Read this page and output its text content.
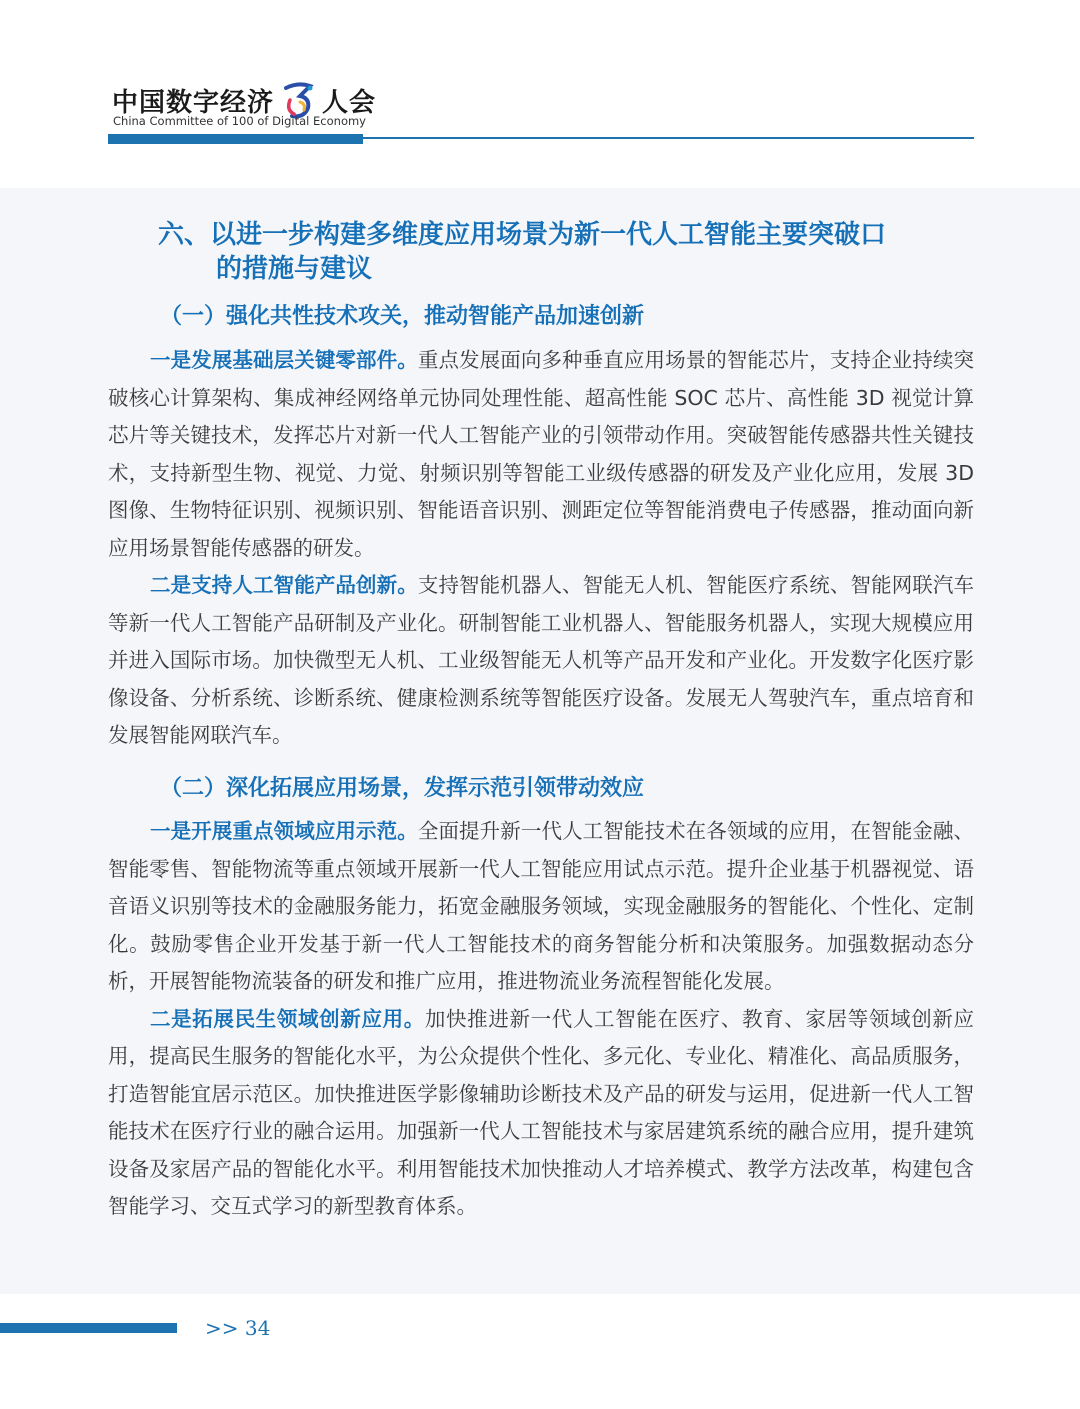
中国数字经济 人会
China Committee of 100 of Digital Economy
六、以进一步构建多维度应用场景为新一代人工智能主要突破口
的措施与建议
（一）强化共性技术攻关，推动智能产品加速创新

一是发展基础层关键零部件。重点发展面向多种垂直应用场景的智能芯片，支持企业持续突破核心计算架构、集成神经网络单元协同处理性能、超高性能 SOC 芯片、高性能 3D 视觉计算芯片等关键技术，发挥芯片对新一代人工智能产业的引领带动作用。突破智能传感器共性关键技术，支持新型生物、视觉、力觉、射频识别等智能工业级传感器的研发及产业化应用，发展 3D 图像、生物特征识别、视频识别、智能语音识别、测距定位等智能消费电子传感器，推动面向新应用场景智能传感器的研发。

二是支持人工智能产品创新。支持智能机器人、智能无人机、智能医疗系统、智能网联汽车等新一代人工智能产品研制及产业化。研制智能工业机器人、智能服务机器人，实现大规模应用并进入国际市场。加快微型无人机、工业级智能无人机等产品开发和产业化。开发数字化医疗影像设备、分析系统、诊断系统、健康检测系统等智能医疗设备。发展无人驾驶汽车，重点培育和发展智能网联汽车。

（二）深化拓展应用场景，发挥示范引领带动效应

一是开展重点领域应用示范。全面提升新一代人工智能技术在各领域的应用，在智能金融、智能零售、智能物流等重点领域开展新一代人工智能应用试点示范。提升企业基于机器视觉、语音语义识别等技术的金融服务能力，拓宽金融服务领域，实现金融服务的智能化、个性化、定制化。鼓励零售企业开发基于新一代人工智能技术的商务智能分析和决策服务。加强数据动态分析，开展智能物流装备的研发和推广应用，推进物流业务流程智能化发展。

二是拓展民生领域创新应用。加快推进新一代人工智能在医疗、教育、家居等领域创新应用，提高民生服务的智能化水平，为公众提供个性化、多元化、专业化、精准化、高品质服务，打造智能宜居示范区。加快推进医学影像辅助诊断技术及产品的研发与运用，促进新一代人工智能技术在医疗行业的融合运用。加强新一代人工智能技术与家居建筑系统的融合应用，提升建筑设备及家居产品的智能化水平。利用智能技术加快推动人才培养模式、教学方法改革，构建包含智能学习、交互式学习的新型教育体系。

>> 34
